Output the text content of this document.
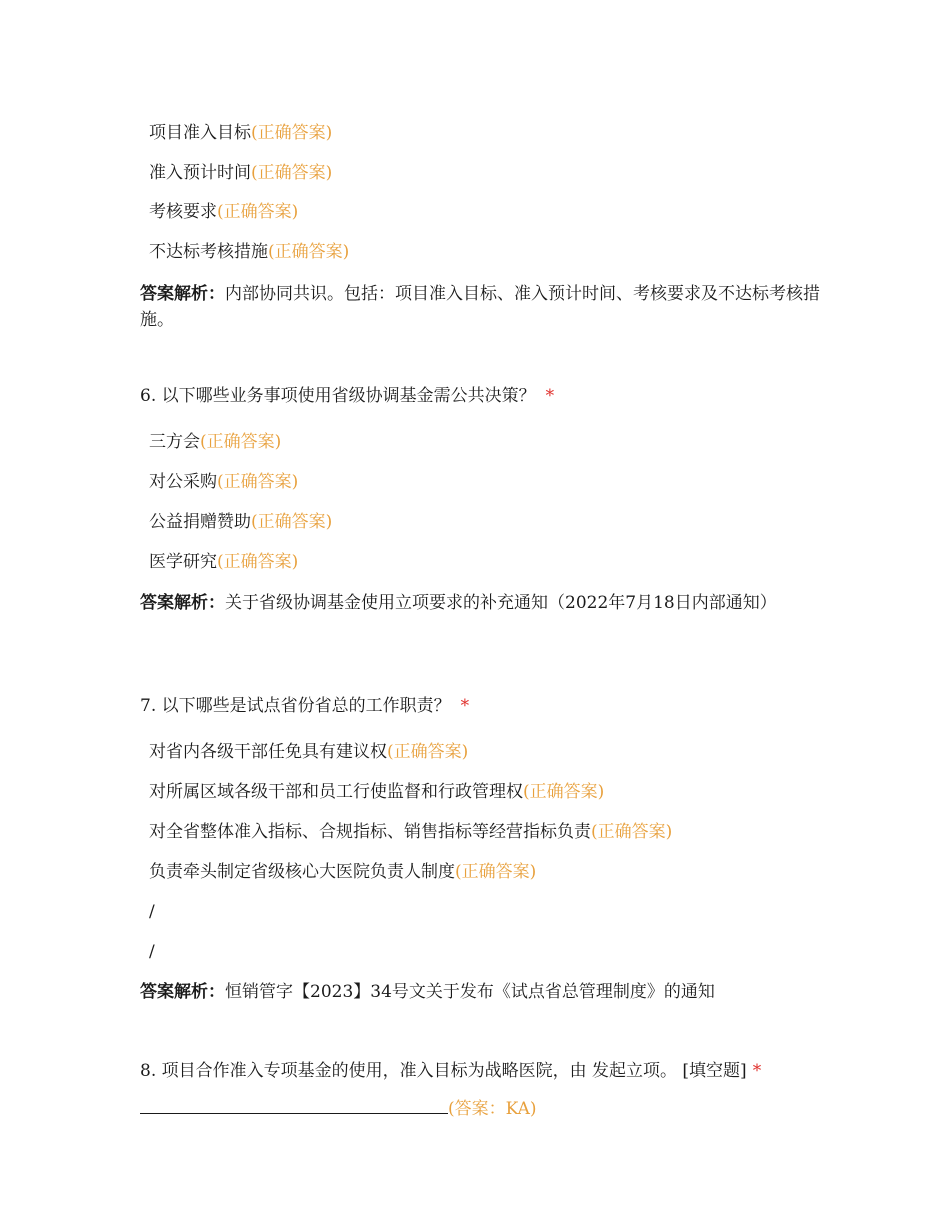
项目准入目标(正确答案)
准入预计时间(正确答案)
考核要求(正确答案)
不达标考核措施(正确答案)
答案解析：内部协同共识。包括：项目准入目标、准入预计时间、考核要求及不达标考核措施。
6. 以下哪些业务事项使用省级协调基金需公共决策？ *
三方会(正确答案)
对公采购(正确答案)
公益捐赠赞助(正确答案)
医学研究(正确答案)
答案解析：关于省级协调基金使用立项要求的补充通知（2022年7月18日内部通知）
7. 以下哪些是试点省份省总的工作职责？ *
对省内各级干部任免具有建议权(正确答案)
对所属区域各级干部和员工行使监督和行政管理权(正确答案)
对全省整体准入指标、合规指标、销售指标等经营指标负责(正确答案)
负责牵头制定省级核心大医院负责人制度(正确答案)
/
/
答案解析：恒销管字【2023】34号文关于发布《试点省总管理制度》的通知
8. 项目合作准入专项基金的使用，准入目标为战略医院，由 发起立项。 [填空题] *
(答案：KA)
